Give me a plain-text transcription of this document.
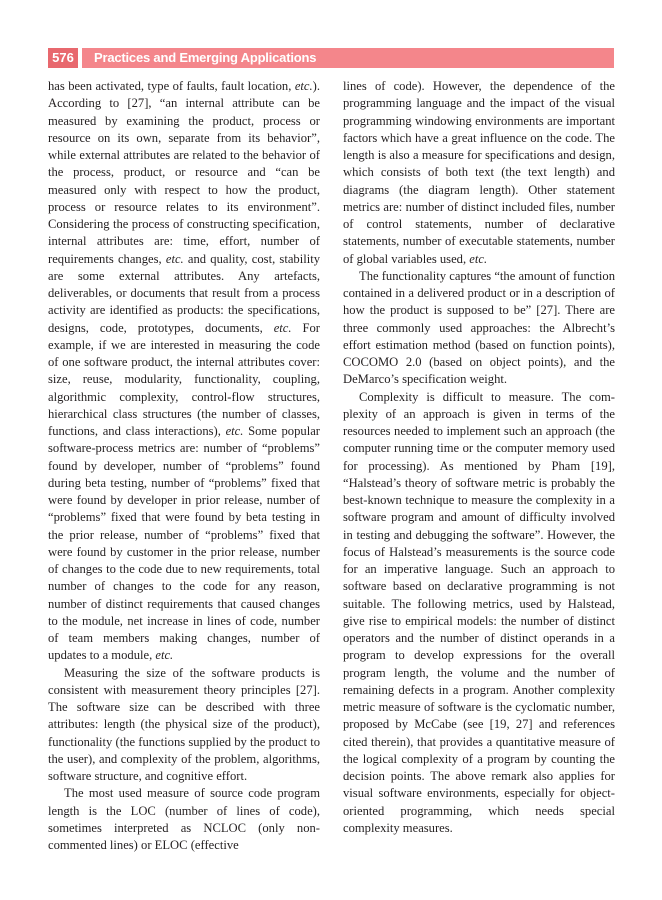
576	Practices and Emerging Applications

has been activated, type of faults, fault location, etc.). According to [27], “an internal attribute can be measured by examining the product, process or resource on its own, separate from its behavior”, while external attributes are related to the behavior of the process, product, or resource and “can be measured only with respect to how the product, process or resource relates to its environment”. Considering the process of constructing specification, internal attributes are: time, effort, number of requirements changes, etc. and quality, cost, stability are some external attributes. Any artefacts, deliverables, or documents that result from a process activity are identified as products: the specifications, designs, code, prototypes, documents, etc. For example, if we are interested in measuring the code of one software product, the internal attributes cover: size, reuse, modularity, functionality, coupling, algorithmic complexity, control-flow structures, hierarchical class structures (the number of classes, functions, and class interactions), etc. Some popular software-process metrics are: number of “problems” found by developer, number of “problems” found during beta testing, number of “problems” fixed that were found by developer in prior release, number of “problems” fixed that were found by beta testing in the prior release, number of “problems” fixed that were found by customer in the prior release, number of changes to the code due to new requirements, total number of changes to the code for any reason, number of distinct requirements that caused changes to the module, net increase in lines of code, number of team members making changes, number of updates to a module, etc.

Measuring the size of the software products is consistent with measurement theory principles [27]. The software size can be described with three attributes: length (the physical size of the product), functionality (the functions supplied by the product to the user), and complexity of the problem, algorithms, software structure, and cognitive effort.

The most used measure of source code program length is the LOC (number of lines of code), sometimes interpreted as NCLOC (only non-commented lines) or ELOC (effective

lines of code). However, the dependence of the programming language and the impact of the visual programming windowing environments are important factors which have a great influence on the code. The length is also a measure for specifications and design, which consists of both text (the text length) and diagrams (the diagram length). Other statement metrics are: number of distinct included files, number of control statements, number of declarative statements, number of executable statements, number of global variables used, etc.

The functionality captures “the amount of function contained in a delivered product or in a description of how the product is supposed to be” [27]. There are three commonly used approaches: the Albrecht’s effort estimation method (based on function points), COCOMO 2.0 (based on object points), and the DeMarco’s specification weight.

Complexity is difficult to measure. The complexity of an approach is given in terms of the resources needed to implement such an approach (the computer running time or the computer memory used for processing). As mentioned by Pham [19], “Halstead’s theory of software metric is probably the best-known technique to measure the complexity in a software program and amount of difficulty involved in testing and debugging the software”. However, the focus of Halstead’s measurements is the source code for an imperative language. Such an approach to software based on declarative programming is not suitable. The following metrics, used by Halstead, give rise to empirical models: the number of distinct operators and the number of distinct operands in a program to develop expressions for the overall program length, the volume and the number of remaining defects in a program. Another complexity metric measure of software is the cyclomatic number, proposed by McCabe (see [19, 27] and references cited therein), that provides a quantitative measure of the logical complexity of a program by counting the decision points. The above remark also applies for visual software environments, especially for object-oriented programming, which needs special complexity measures.
